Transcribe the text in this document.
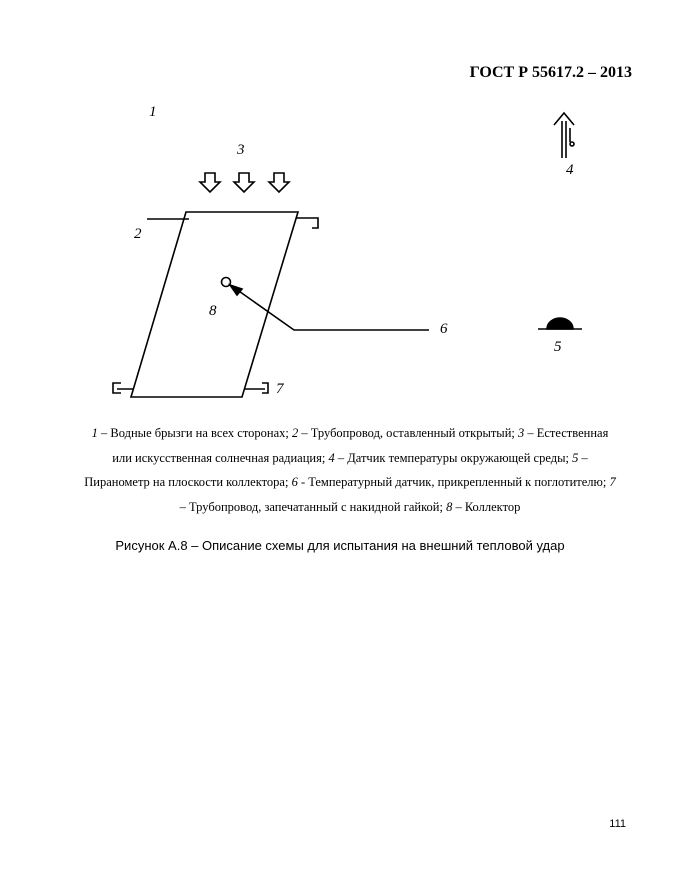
ГОСТ Р 55617.2 – 2013
1
3
2
4
8
6
5
7
1 – Водные брызги на всех сторонах; 2 – Трубопровод, оставленный открытый; 3 – Естественная или искусственная солнечная радиация; 4 – Датчик температуры окружающей среды; 5 – Пиранометр на плоскости коллектора; 6 - Температурный датчик, прикрепленный к поглотителю; 7 – Трубопровод, запечатанный с накидной гайкой; 8 – Коллектор
Рисунок А.8 – Описание схемы для испытания на внешний тепловой удар
111
